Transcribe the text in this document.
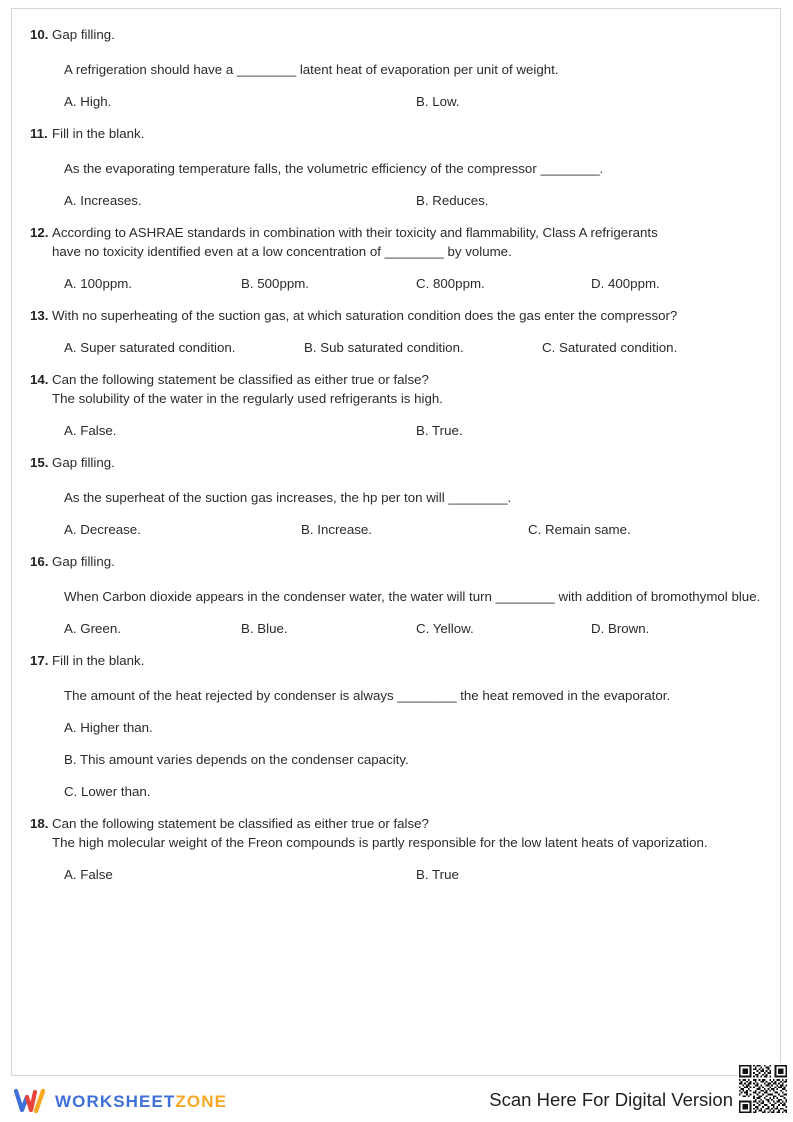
10. Gap filling.
A refrigeration should have a ________ latent heat of evaporation per unit of weight.
A. High.	B. Low.
11. Fill in the blank.
As the evaporating temperature falls, the volumetric efficiency of the compressor ________.
A. Increases.	B. Reduces.
12. According to ASHRAE standards in combination with their toxicity and flammability, Class A refrigerants
have no toxicity identified even at a low concentration of ________ by volume.
A. 100ppm.	B. 500ppm.	C. 800ppm.	D. 400ppm.
13. With no superheating of the suction gas, at which saturation condition does the gas enter the compressor?
A. Super saturated condition.	B. Sub saturated condition.	C. Saturated condition.
14. Can the following statement be classified as either true or false?
The solubility of the water in the regularly used refrigerants is high.
A. False.	B. True.
15. Gap filling.
As the superheat of the suction gas increases, the hp per ton will ________.
A. Decrease.	B. Increase.	C. Remain same.
16. Gap filling.
When Carbon dioxide appears in the condenser water, the water will turn ________ with addition of bromothymol blue.
A. Green.	B. Blue.	C. Yellow.	D. Brown.
17. Fill in the blank.
The amount of the heat rejected by condenser is always ________ the heat removed in the evaporator.
A. Higher than.
B. This amount varies depends on the condenser capacity.
C. Lower than.
18. Can the following statement be classified as either true or false?
The high molecular weight of the Freon compounds is partly responsible for the low latent heats of vaporization.
A. False	B. True
WORKSHEETZONE	Scan Here For Digital Version
